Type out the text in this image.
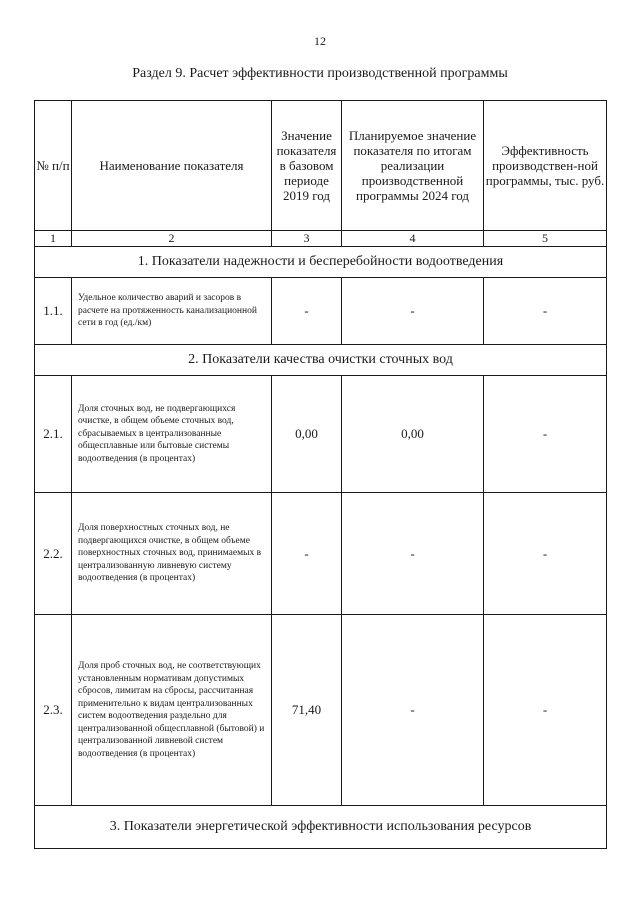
12
Раздел 9. Расчет эффективности производственной программы
№ п/п	Наименование показателя	Значение показателя в базовом периоде 2019 год	Планируемое значение показателя по итогам реализации производственной программы 2024 год	Эффективность производствен-ной программы, тыс. руб.
1	2	3	4	5
1. Показатели надежности и бесперебойности водоотведения				
1.1.	Удельное количество аварий и засоров в расчете на протяженность канализационной сети в год (ед./км)	-	-	-
2. Показатели качества очистки сточных вод				
2.1.	Доля сточных вод, не подвергающихся очистке, в общем объеме сточных вод, сбрасываемых в централизованные общесплавные или бытовые системы водоотведения (в процентах)	0,00	0,00	-
2.2.	Доля поверхностных сточных вод, не подвергающихся очистке, в общем объеме поверхностных сточных вод, принимаемых в централизованную ливневую систему водоотведения (в процентах)	-	-	-
2.3.	Доля проб сточных вод, не соответствующих установленным нормативам допустимых сбросов, лимитам на сбросы, рассчитанная применительно к видам централизованных систем водоотведения раздельно для централизованной общесплавной (бытовой) и централизованной ливневой систем водоотведения (в процентах)	71,40	-	-
3. Показатели энергетической эффективности использования ресурсов				
